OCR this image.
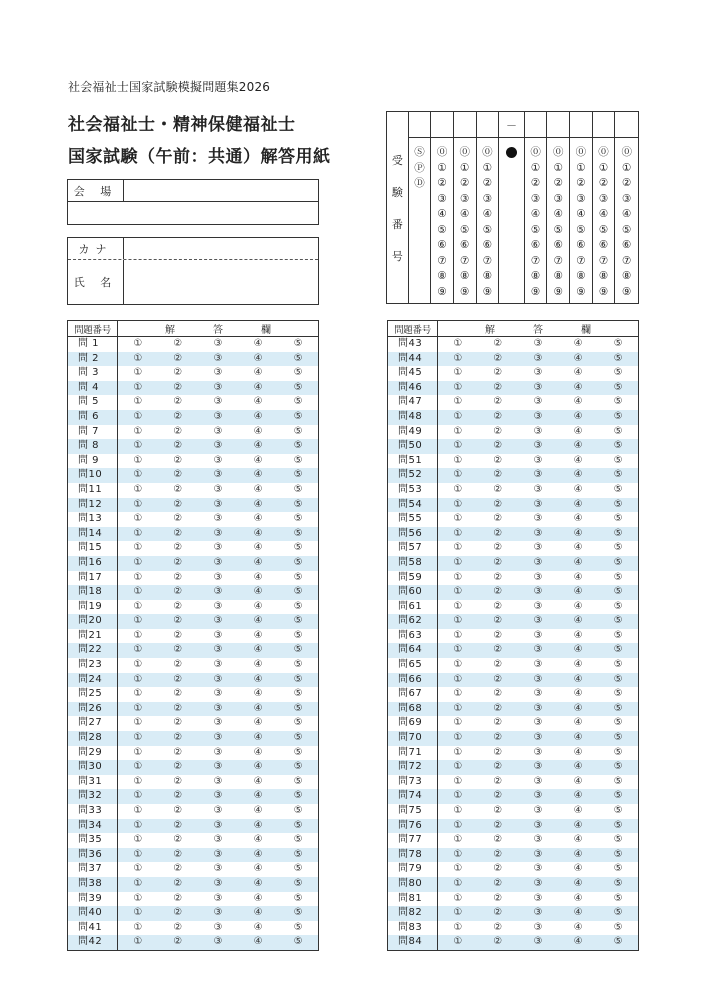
社会福祉士国家試験模擬問題集2026
社会福祉士・精神保健福祉士
国家試験（午前：共通）解答用紙
会 場
カナ
氏 名
受
験
番
号
Ⓢ
Ⓟ
Ⓓ
⓪
①
②
③
④
⑤
⑥
⑦
⑧
⑨
⓪
①
②
③
④
⑤
⑥
⑦
⑧
⑨
⓪
①
②
③
④
⑤
⑥
⑦
⑧
⑨
－
⓪
①
②
③
④
⑤
⑥
⑦
⑧
⑨
⓪
①
②
③
④
⑤
⑥
⑦
⑧
⑨
⓪
①
②
③
④
⑤
⑥
⑦
⑧
⑨
⓪
①
②
③
④
⑤
⑥
⑦
⑧
⑨
⓪
①
②
③
④
⑤
⑥
⑦
⑧
⑨
問題番号	解 答 欄				

問 1	①	②	③	④	⑤
問 2	①	②	③	④	⑤
問 3	①	②	③	④	⑤
問 4	①	②	③	④	⑤
問 5	①	②	③	④	⑤
問 6	①	②	③	④	⑤
問 7	①	②	③	④	⑤
問 8	①	②	③	④	⑤
問 9	①	②	③	④	⑤
問10	①	②	③	④	⑤
問11	①	②	③	④	⑤
問12	①	②	③	④	⑤
問13	①	②	③	④	⑤
問14	①	②	③	④	⑤
問15	①	②	③	④	⑤
問16	①	②	③	④	⑤
問17	①	②	③	④	⑤
問18	①	②	③	④	⑤
問19	①	②	③	④	⑤
問20	①	②	③	④	⑤
問21	①	②	③	④	⑤
問22	①	②	③	④	⑤
問23	①	②	③	④	⑤
問24	①	②	③	④	⑤
問25	①	②	③	④	⑤
問26	①	②	③	④	⑤
問27	①	②	③	④	⑤
問28	①	②	③	④	⑤
問29	①	②	③	④	⑤
問30	①	②	③	④	⑤
問31	①	②	③	④	⑤
問32	①	②	③	④	⑤
問33	①	②	③	④	⑤
問34	①	②	③	④	⑤
問35	①	②	③	④	⑤
問36	①	②	③	④	⑤
問37	①	②	③	④	⑤
問38	①	②	③	④	⑤
問39	①	②	③	④	⑤
問40	①	②	③	④	⑤
問41	①	②	③	④	⑤
問42	①	②	③	④	⑤
問題番号	解 答 欄				

問43	①	②	③	④	⑤
問44	①	②	③	④	⑤
問45	①	②	③	④	⑤
問46	①	②	③	④	⑤
問47	①	②	③	④	⑤
問48	①	②	③	④	⑤
問49	①	②	③	④	⑤
問50	①	②	③	④	⑤
問51	①	②	③	④	⑤
問52	①	②	③	④	⑤
問53	①	②	③	④	⑤
問54	①	②	③	④	⑤
問55	①	②	③	④	⑤
問56	①	②	③	④	⑤
問57	①	②	③	④	⑤
問58	①	②	③	④	⑤
問59	①	②	③	④	⑤
問60	①	②	③	④	⑤
問61	①	②	③	④	⑤
問62	①	②	③	④	⑤
問63	①	②	③	④	⑤
問64	①	②	③	④	⑤
問65	①	②	③	④	⑤
問66	①	②	③	④	⑤
問67	①	②	③	④	⑤
問68	①	②	③	④	⑤
問69	①	②	③	④	⑤
問70	①	②	③	④	⑤
問71	①	②	③	④	⑤
問72	①	②	③	④	⑤
問73	①	②	③	④	⑤
問74	①	②	③	④	⑤
問75	①	②	③	④	⑤
問76	①	②	③	④	⑤
問77	①	②	③	④	⑤
問78	①	②	③	④	⑤
問79	①	②	③	④	⑤
問80	①	②	③	④	⑤
問81	①	②	③	④	⑤
問82	①	②	③	④	⑤
問83	①	②	③	④	⑤
問84	①	②	③	④	⑤
